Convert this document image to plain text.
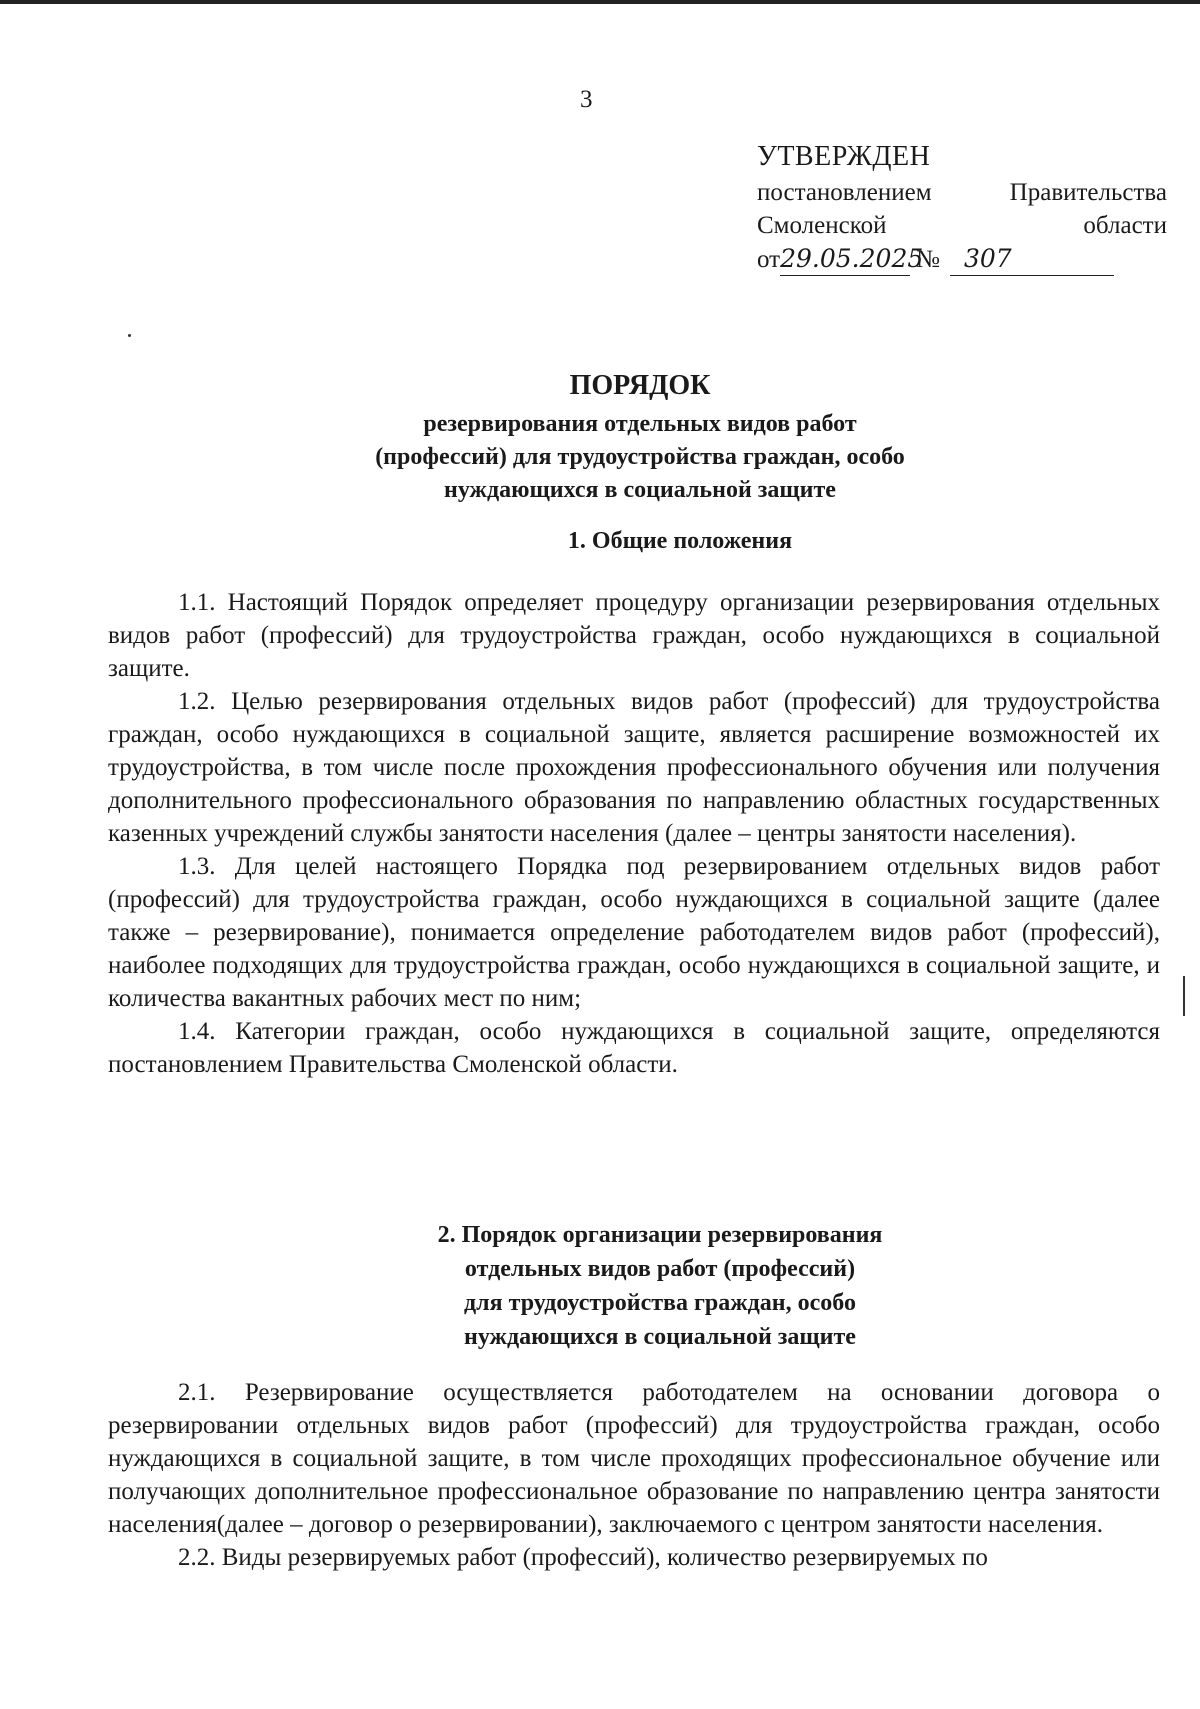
3
УТВЕРЖДЕН
постановлением	Правительства
Смоленской	области
от 29.05.2025
№ 307
ПОРЯДОК
резервирования отдельных видов работ
(профессий) для трудоустройства граждан, особо
нуждающихся в социальной защите
1. Общие положения

1.1. Настоящий Порядок определяет процедуру организации резервирования отдельных видов работ (профессий) для трудоустройства граждан, особо нуждающихся в социальной защите.

1.2. Целью резервирования отдельных видов работ (профессий) для трудоустройства граждан, особо нуждающихся в социальной защите, является расширение возможностей их трудоустройства, в том числе после прохождения профессионального обучения или получения дополнительного профессионального образования по направлению областных государственных казенных учреждений службы занятости населения (далее – центры занятости населения).

1.3. Для целей настоящего Порядка под резервированием отдельных видов работ (профессий) для трудоустройства граждан, особо нуждающихся в социальной защите (далее также – резервирование), понимается определение работодателем видов работ (профессий), наиболее подходящих для трудоустройства граждан, особо нуждающихся в социальной защите, и количества вакантных рабочих мест по ним;

1.4. Категории граждан, особо нуждающихся в социальной защите, определяются постановлением Правительства Смоленской области.

2. Порядок организации резервирования
отдельных видов работ (профессий)
для трудоустройства граждан, особо
нуждающихся в социальной защите

2.1. Резервирование осуществляется работодателем на основании договора о резервировании отдельных видов работ (профессий) для трудоустройства граждан, особо нуждающихся в социальной защите, в том числе проходящих профессиональное обучение или получающих дополнительное профессиональное образование по направлению центра занятости населения(далее – договор о резервировании), заключаемого с центром занятости населения.

2.2. Виды резервируемых работ (профессий), количество резервируемых по
